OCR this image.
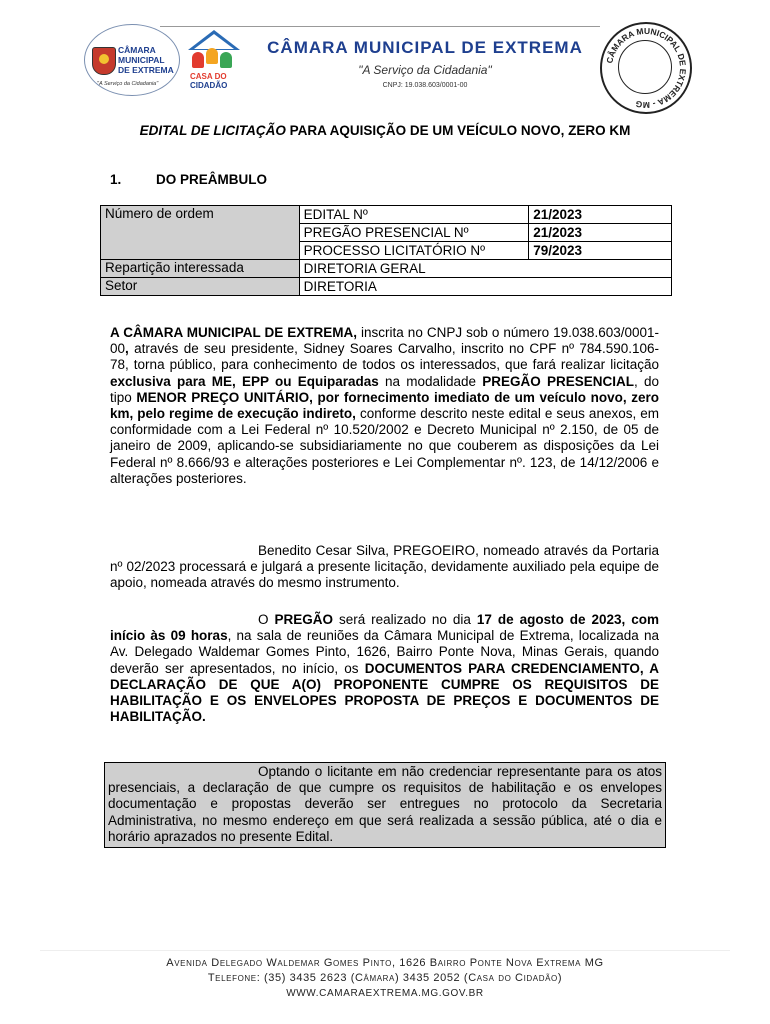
CÂMARA
MUNICIPAL
DE EXTREMA
"A Serviço da Cidadania"
CASA DO
CIDADÃO
CÂMARA MUNICIPAL DE EXTREMA
"A Serviço da Cidadania"
CNPJ: 19.038.603/0001-00
CÂMARA MUNICIPAL DE EXTREMA - MG
EDITAL DE LICITAÇÃO PARA AQUISIÇÃO DE UM VEÍCULO NOVO, ZERO KM
1.	DO PREÂMBULO
Número de ordem	EDITAL Nº	21/2023
	PREGÃO PRESENCIAL Nº	21/2023
	PROCESSO LICITATÓRIO Nº	79/2023
Repartição interessada	DIRETORIA GERAL	
Setor	DIRETORIA	
A CÂMARA MUNICIPAL DE EXTREMA, inscrita no CNPJ sob o número 19.038.603/0001-00, através de seu presidente, Sidney Soares Carvalho, inscrito no CPF nº 784.590.106-78, torna público, para conhecimento de todos os interessados, que fará realizar licitação exclusiva para ME, EPP ou Equiparadas na modalidade PREGÃO PRESENCIAL, do tipo MENOR PREÇO UNITÁRIO, por fornecimento imediato de um veículo novo, zero km, pelo regime de execução indireto, conforme descrito neste edital e seus anexos, em conformidade com a Lei Federal nº 10.520/2002 e Decreto Municipal nº 2.150, de 05 de janeiro de 2009, aplicando-se subsidiariamente no que couberem as disposições da Lei Federal nº 8.666/93 e alterações posteriores e Lei Complementar nº. 123, de 14/12/2006 e alterações posteriores.
Benedito Cesar Silva, PREGOEIRO, nomeado através da Portaria nº 02/2023 processará e julgará a presente licitação, devidamente auxiliado pela equipe de apoio, nomeada através do mesmo instrumento.
O PREGÃO será realizado no dia 17 de agosto de 2023, com início às 09 horas, na sala de reuniões da Câmara Municipal de Extrema, localizada na Av. Delegado Waldemar Gomes Pinto, 1626, Bairro Ponte Nova, Minas Gerais, quando deverão ser apresentados, no início, os DOCUMENTOS PARA CREDENCIAMENTO, A DECLARAÇÃO DE QUE A(O) PROPONENTE CUMPRE OS REQUISITOS DE HABILITAÇÃO E OS ENVELOPES PROPOSTA DE PREÇOS E DOCUMENTOS DE HABILITAÇÃO.
Optando o licitante em não credenciar representante para os atos presenciais, a declaração de que cumpre os requisitos de habilitação e os envelopes documentação e propostas deverão ser entregues no protocolo da Secretaria Administrativa, no mesmo endereço em que será realizada a sessão pública, até o dia e horário aprazados no presente Edital.
Avenida Delegado Waldemar Gomes Pinto, 1626 Bairro Ponte Nova Extrema MG
Telefone: (35) 3435 2623 (Câmara) 3435 2052 (Casa do Cidadão)
WWW.CAMARAEXTREMA.MG.GOV.BR
